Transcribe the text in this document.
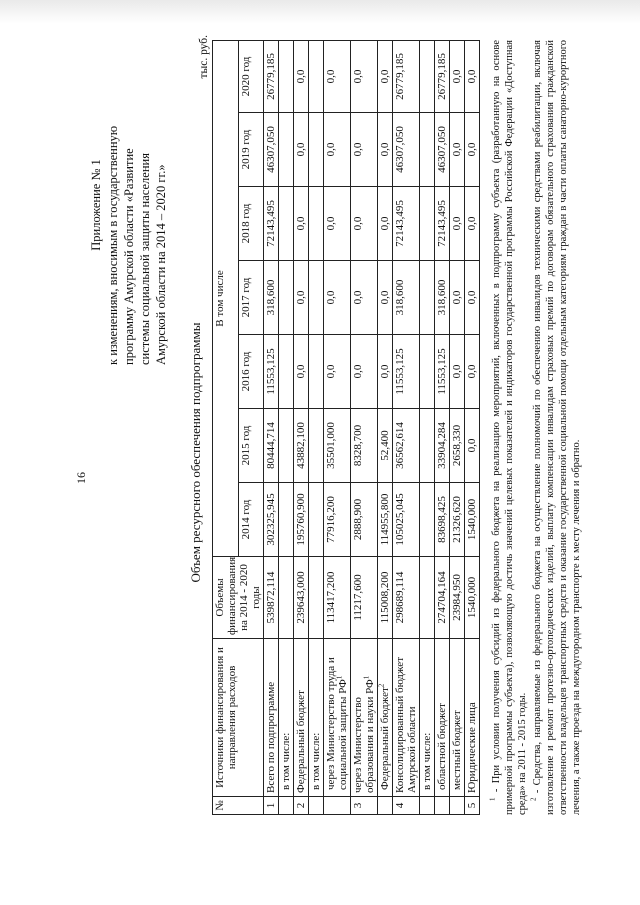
16
Приложение № 1 к изменениям, вносимым в государственную программу Амурской области «Развитие системы социальной защиты населения Амурской области на 2014 – 2020 гг.»
Объем ресурсного обеспечения подпрограммы
тыс. руб.
№	Источники финансирования и направления расходов	Объемы финансирования на 2014 - 2020 годы	В том числе						
			2014 год	2015 год	2016 год	2017 год	2018 год	2019 год	2020 год
1	Всего по подпрограмме	539872,114	302325,945	80444,714	11553,125	318,600	72143,495	46307,050	26779,185
	в том числе:								
2	Федеральный бюджет	239643,000	195760,900	43882,100	0,0	0,0	0,0	0,0	0,0
	в том числе:								
	через Министерство труда и социальной защиты $РФ^1$	113417,200	77916,200	35501,000	0,0	0,0	0,0	0,0	0,0
3	через Министерство образования и науки $РФ^1$	11217,600	2888,900	8328,700	0,0	0,0	0,0	0,0	0,0
	Федеральный бюджет$^2$	115008,200	114955,800	52,400	0,0	0,0	0,0	0,0	0,0
4	Консолидированный бюджет Амурской области	298689,114	105025,045	36562,614	11553,125	318,600	72143,495	46307,050	26779,185
	в том числе:								
	областной бюджет	274704,164	83698,425	33904,284	11553,125	318,600	72143,495	46307,050	26779,185
	местный бюджет	23984,950	21326,620	2658,330	0,0	0,0	0,0	0,0	0,0
5	Юридические лица	1540,000	1540,000	0,0	0,0	0,0	0,0	0,0	0,0

$^1$ - При условии получения субсидий из федерального бюджета на реализацию мероприятий, включенных в подпрограмму субъекта (разработанную на основе примерной программы субъекта), позволяющую достичь значений целевых показателей и индикаторов государственной программы Российской Федерации «Доступная среда» на 2011 - 2015 годы. $^2$ - Средства, направляемые из федерального бюджета на осуществление полномочий по обеспечению инвалидов техническими средствами реабилитации, включая изготовление и ремонт протезно-ортопедических изделий, выплату компенсации инвалидам страховых премий по договорам обязательного страхования гражданской ответственности владельцев транспортных средств и оказание государственной социальной помощи отдельным категориям граждан в части оплаты санаторно-курортного лечения, а также проезда на междугородном транспорте к месту лечения и обратно.
